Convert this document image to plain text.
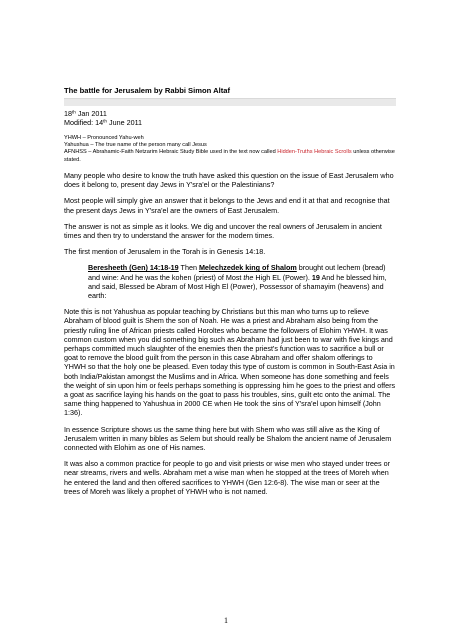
The battle for Jerusalem by Rabbi Simon Altaf
18th Jan 2011
Modified: 14th June 2011
YHWH – Pronounced Yahu-weh
Yahushua – The true name of the person many call Jesus
AFNHSS – Abrahamic-Faith Netzarim Hebraic Study Bible used in the text now called Hidden-Truths Hebraic Scrolls unless otherwise stated.

Many people who desire to know the truth have asked this question on the issue of East Jerusalem who does it belong to, present day Jews in Y'sra'el or the Palestinians?

Most people will simply give an answer that it belongs to the Jews and end it at that and recognise that the present days Jews in Y'sra'el are the owners of East Jerusalem.

The answer is not as simple as it looks. We dig and uncover the real owners of Jerusalem in ancient times and then try to understand the answer for the modern times.

The first mention of Jerusalem in the Torah is in Genesis 14:18.

Beresheeth (Gen) 14:18-19 Then Melechzedek king of Shalom brought out lechem (bread) and wine: And he was the kohen (priest) of Most the High EL (Power). 19 And he blessed him, and said, Blessed be Abram of Most High El (Power), Possessor of shamayim (heavens) and earth:

Note this is not Yahushua as popular teaching by Christians but this man who turns up to relieve Abraham of blood guilt is Shem the son of Noah. He was a priest and Abraham also being from the priestly ruling line of African priests called Horoltes who became the followers of Elohim YHWH. It was common custom when you did something big such as Abraham had just been to war with five kings and perhaps committed much slaughter of the enemies then the priest's function was to sacrifice a bull or goat to remove the blood guilt from the person in this case Abraham and offer shalom offerings to YHWH so that the holy one be pleased. Even today this type of custom is common in South-East Asia in both India/Pakistan amongst the Muslims and in Africa. When someone has done something and feels the weight of sin upon him or feels perhaps something is oppressing him he goes to the priest and offers a goat as sacrifice laying his hands on the goat to pass his troubles, sins, guilt etc onto the animal. The same thing happened to Yahushua in 2000 CE when He took the sins of Y'sra'el upon himself (John 1:36).

In essence Scripture shows us the same thing here but with Shem who was still alive as the King of Jerusalem written in many bibles as Selem but should really be Shalom the ancient name of Jerusalem connected with Elohim as one of His names.

It was also a common practice for people to go and visit priests or wise men who stayed under trees or near streams, rivers and wells. Abraham met a wise man when he stopped at the trees of Moreh when he entered the land and then offered sacrifices to YHWH (Gen 12:6-8). The wise man or seer at the trees of Moreh was likely a prophet of YHWH who is not named.

1
